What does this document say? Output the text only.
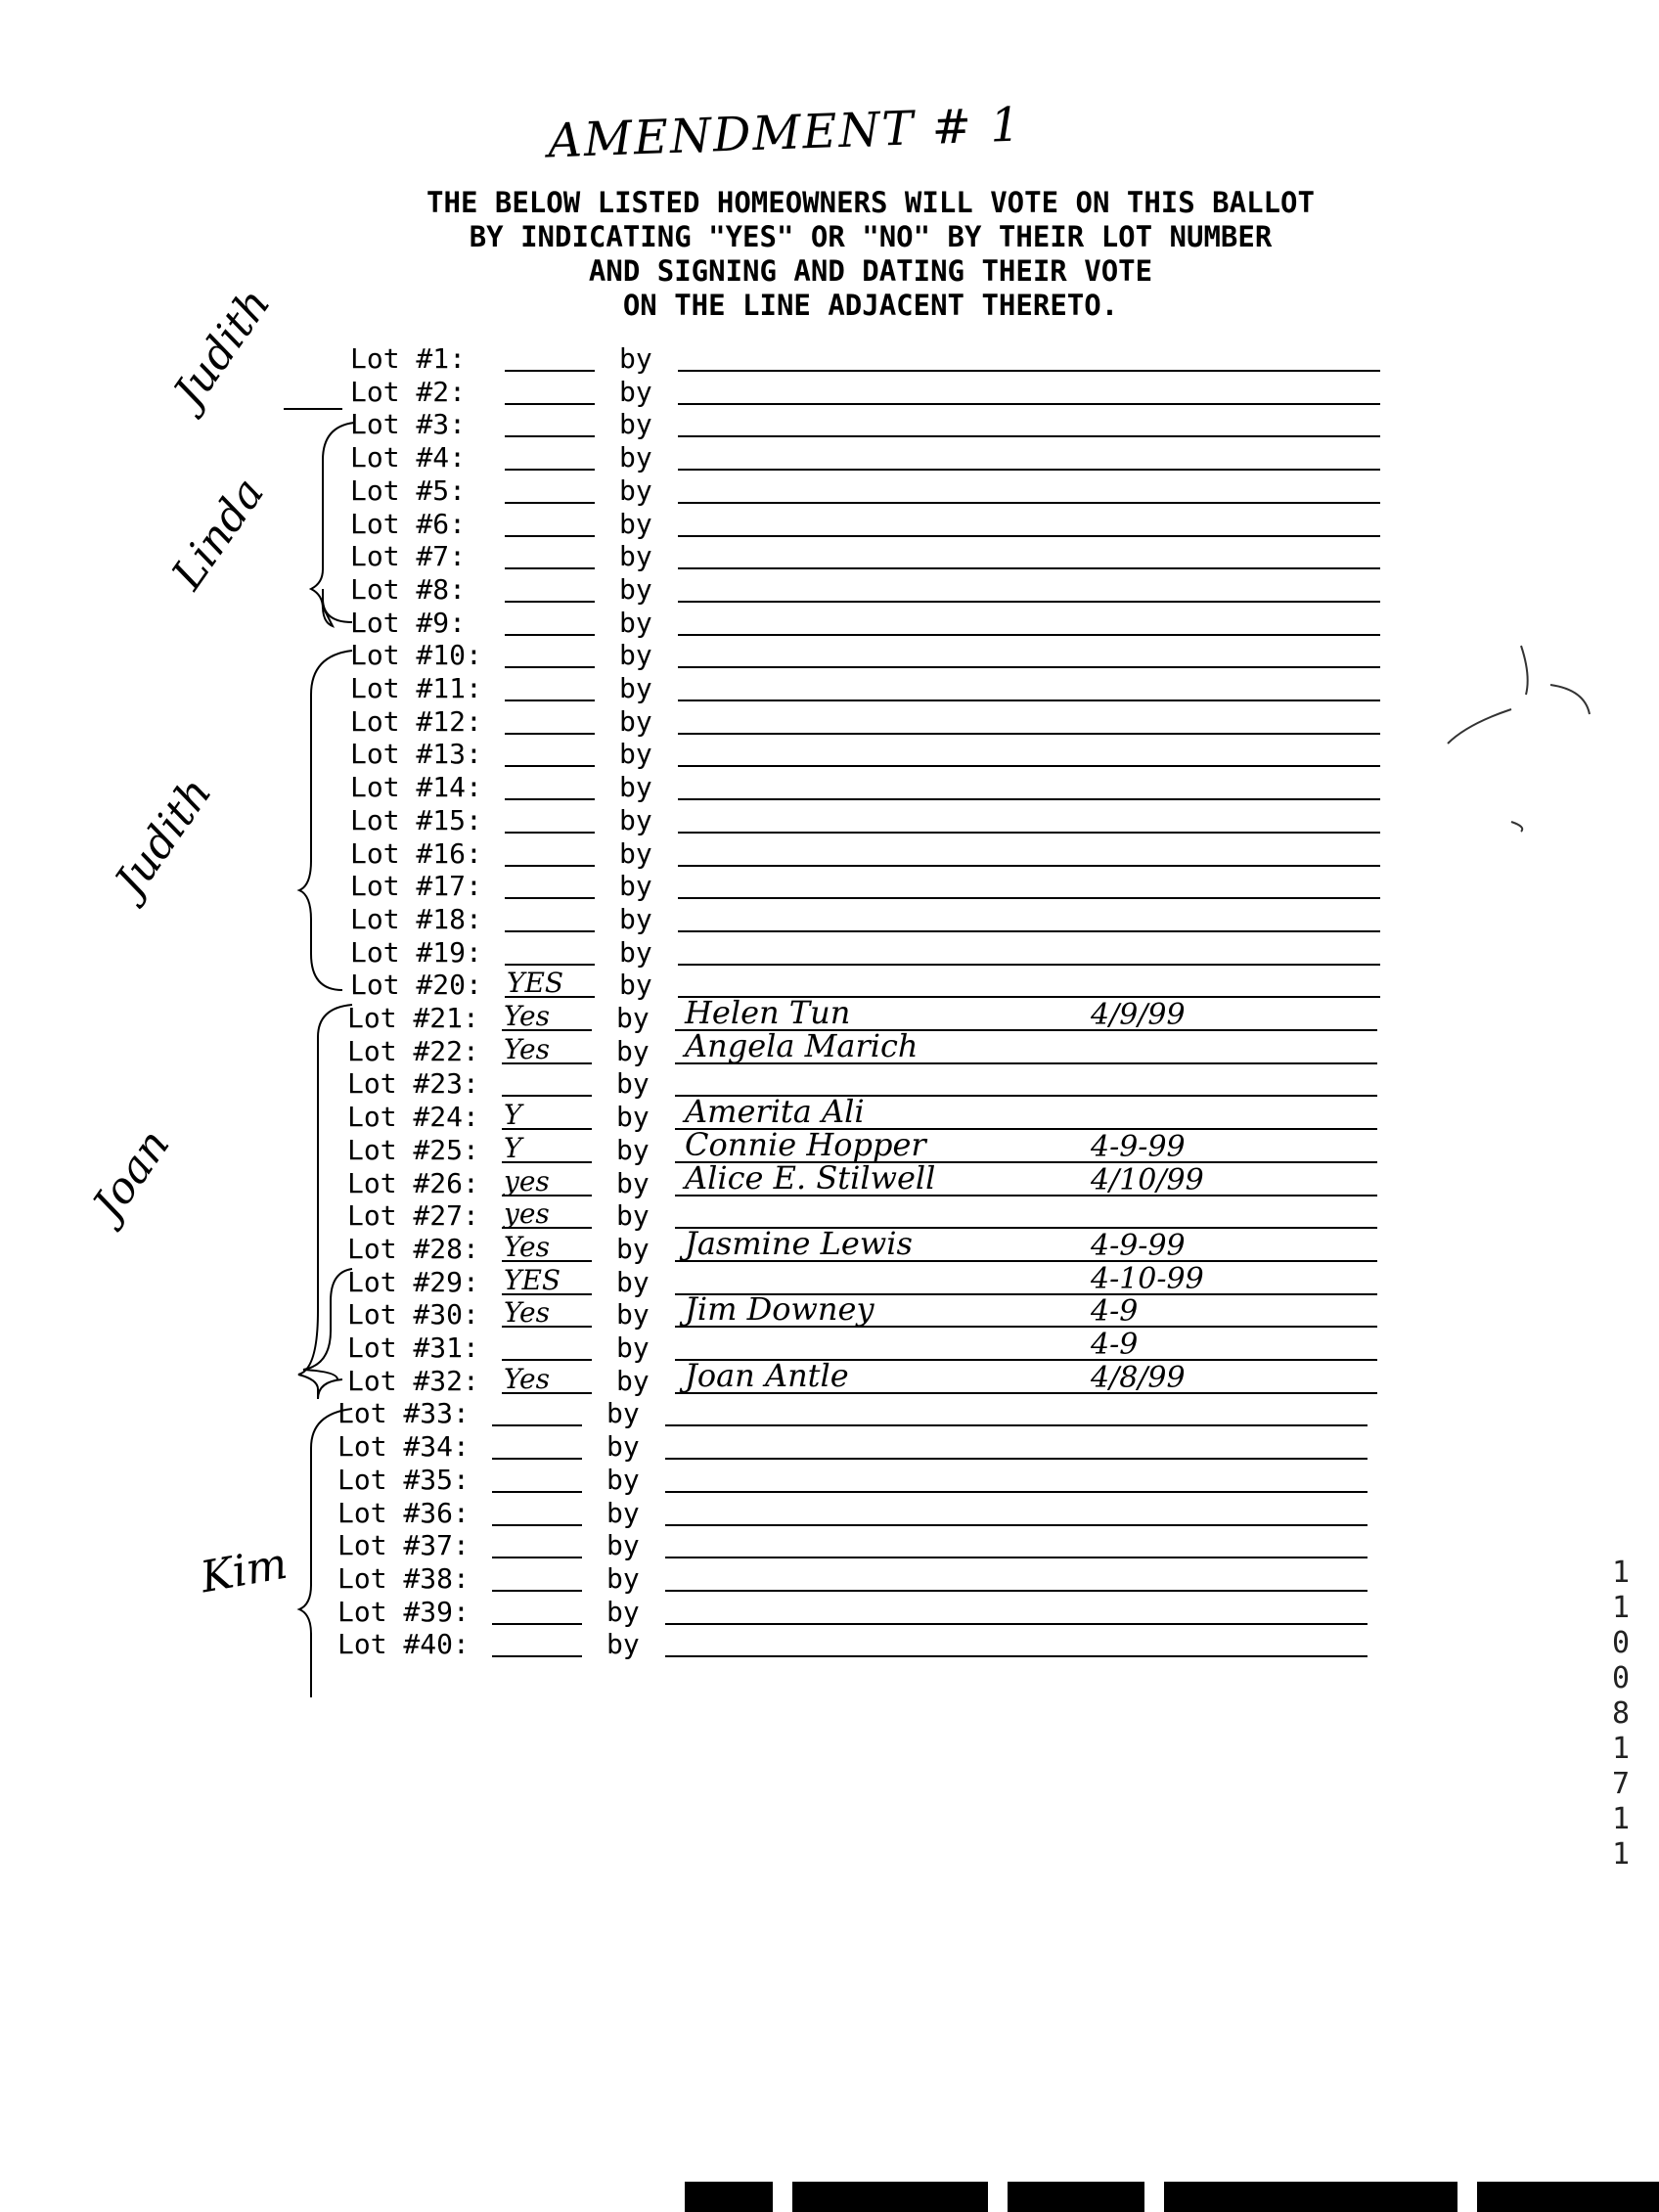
AMENDMENT # 1
THE BELOW LISTED HOMEOWNERS WILL VOTE ON THIS BALLOT
BY INDICATING "YES" OR "NO" BY THEIR LOT NUMBER
AND SIGNING AND DATING THEIR VOTE
ON THE LINE ADJACENT THERETO.
Lot #1:	by
Lot #2:	by
Lot #3:	by
Lot #4:	by
Lot #5:	by
Lot #6:	by
Lot #7:	by
Lot #8:	by
Lot #9:	by
Lot #10:	by
Lot #11:	by
Lot #12:	by
Lot #13:	by
Lot #14:	by
Lot #15:	by
Lot #16:	by
Lot #17:	by
Lot #18:	by
Lot #19:	by
Lot #20: YES by
Lot #21: Yes by Helen Tun	4/9/99
Lot #22: Yes by Angela Marich
Lot #23:	by
Lot #24: Y	by Amerita Ali
Lot #25: Y	by Connie Hopper	4-9-99
Lot #26: yes by Alice E. Stilwell	4/10/99
Lot #27: yes by
Lot #28: Yes by Jasmine Lewis	4-9-99
Lot #29: YES by	4-10-99
Lot #30: Yes by Jim Downey	4-9
Lot #31:	by	4-9
Lot #32: Yes by Joan Antle	4/8/99
Lot #33:	by
Lot #34:	by
Lot #35:	by
Lot #36:	by
Lot #37:	by
Lot #38:	by
Lot #39:	by
Lot #40:	by
Judith
Linda
Judith
Joan
Kim	11008 1711
